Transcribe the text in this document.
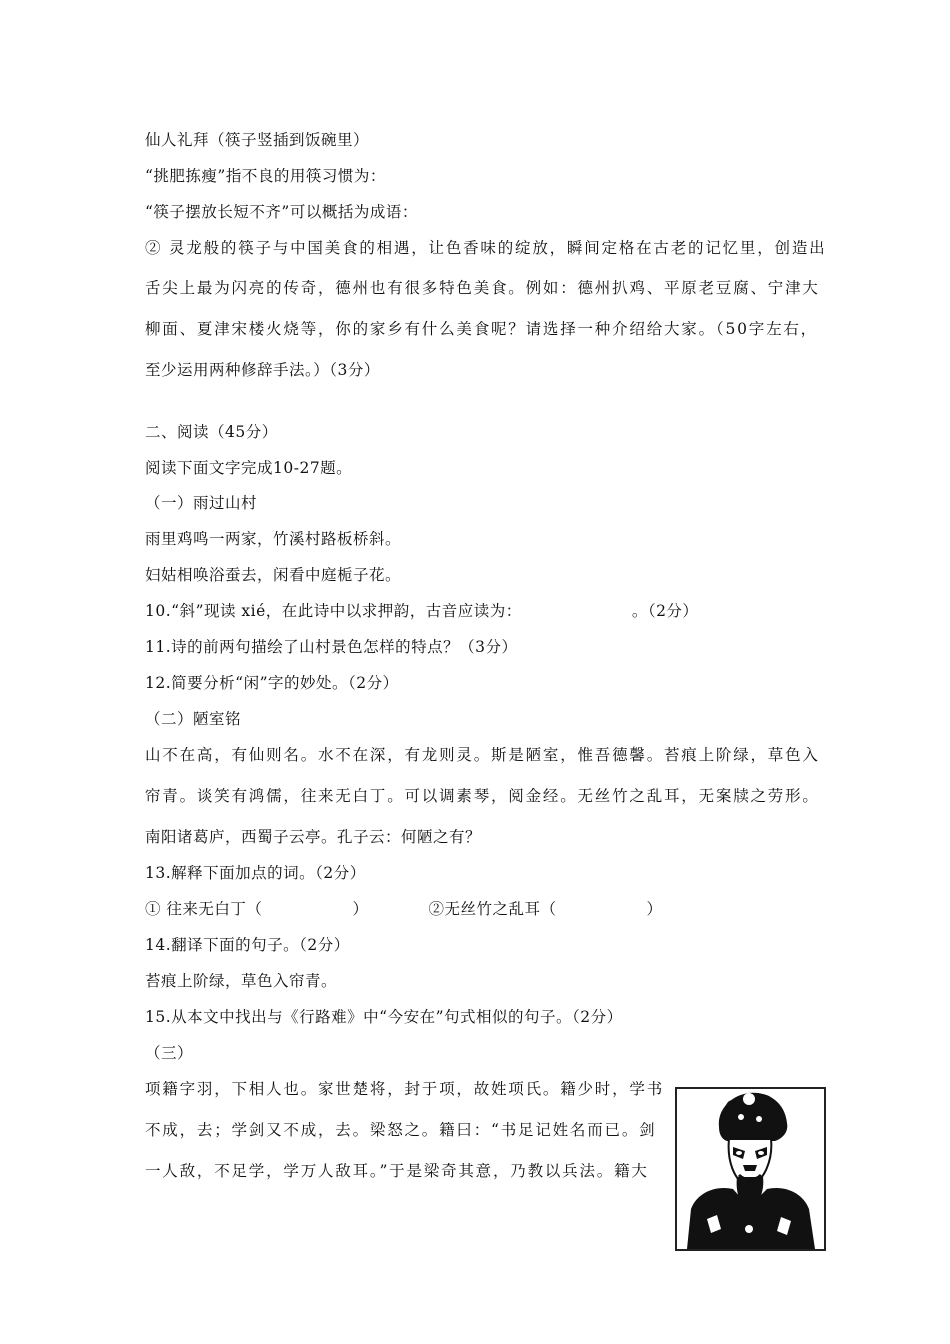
仙人礼拜（筷子竖插到饭碗里）
“挑肥拣瘦”指不良的用筷习惯为：
“筷子摆放长短不齐”可以概括为成语：
② 灵龙般的筷子与中国美食的相遇，让色香味的绽放，瞬间定格在古老的记忆里，创造出
舌尖上最为闪亮的传奇，德州也有很多特色美食。例如：德州扒鸡、平原老豆腐、宁津大
柳面、夏津宋楼火烧等，你的家乡有什么美食呢？请选择一种介绍给大家。（50字左右，
至少运用两种修辞手法。）（3分）
二、阅读（45分）
阅读下面文字完成10-27题。
（一）雨过山村
雨里鸡鸣一两家，竹溪村路板桥斜。
妇姑相唤浴蚕去，闲看中庭栀子花。
10.“斜”现读 xié，在此诗中以求押韵，古音应读为：	。（2分）
11.诗的前两句描绘了山村景色怎样的特点？（3分）
12.简要分析“闲”字的妙处。（2分）
（二）陋室铭
山不在高，有仙则名。水不在深，有龙则灵。斯是陋室，惟吾德馨。苔痕上阶绿，草色入
帘青。谈笑有鸿儒，往来无白丁。可以调素琴，阅金经。无丝竹之乱耳，无案牍之劳形。
南阳诸葛庐，西蜀子云亭。孔子云：何陋之有？
13.解释下面加点的词。（2分）
① 往来无白丁（	）	②无丝竹之乱耳（	）
14.翻译下面的句子。（2分）
苔痕上阶绿，草色入帘青。
15.从本文中找出与《行路难》中“今安在”句式相似的句子。（2分）
（三）
项籍字羽，下相人也。家世楚将，封于项，故姓项氏。籍少时，学书
不成，去；学剑又不成，去。梁怒之。籍曰：“书足记姓名而已。剑
一人敌，不足学，学万人敌耳。”于是梁奇其意，乃教以兵法。籍大
